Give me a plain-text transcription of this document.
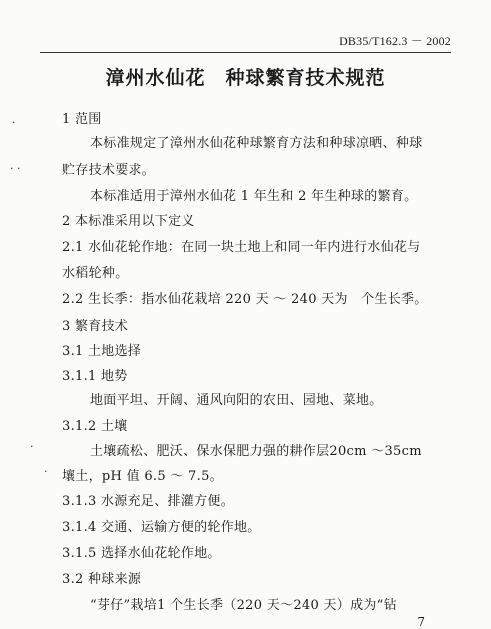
DB35/T162.3 － 2002
漳州水仙花　种球繁育技术规范
1 范围
本标准规定了漳州水仙花种球繁育方法和种球凉晒、种球
贮存技术要求。
本标准适用于漳州水仙花 1 年生和 2 年生种球的繁育。
2 本标准采用以下定义
2.1 水仙花轮作地：在同一块土地上和同一年内进行水仙花与
水稻轮种。
2.2 生长季：指水仙花栽培 220 天 ～ 240 天为　个生长季。
3 繁育技术
3.1 土地选择
3.1.1 地势
地面平坦、开阔、通风向阳的农田、园地、菜地。
3.1.2 土壤
土壤疏松、肥沃、保水保肥力强的耕作层20cm ～35cm
壤土，pH 值 6.5 ～ 7.5。
3.1.3 水源充足、排灌方便。
3.1.4 交通、运输方便的轮作地。
3.1.5 选择水仙花轮作地。
3.2 种球来源
“芽仔”栽培1 个生长季（220 天～240 天）成为“钻
7
·
· ·
·
·
